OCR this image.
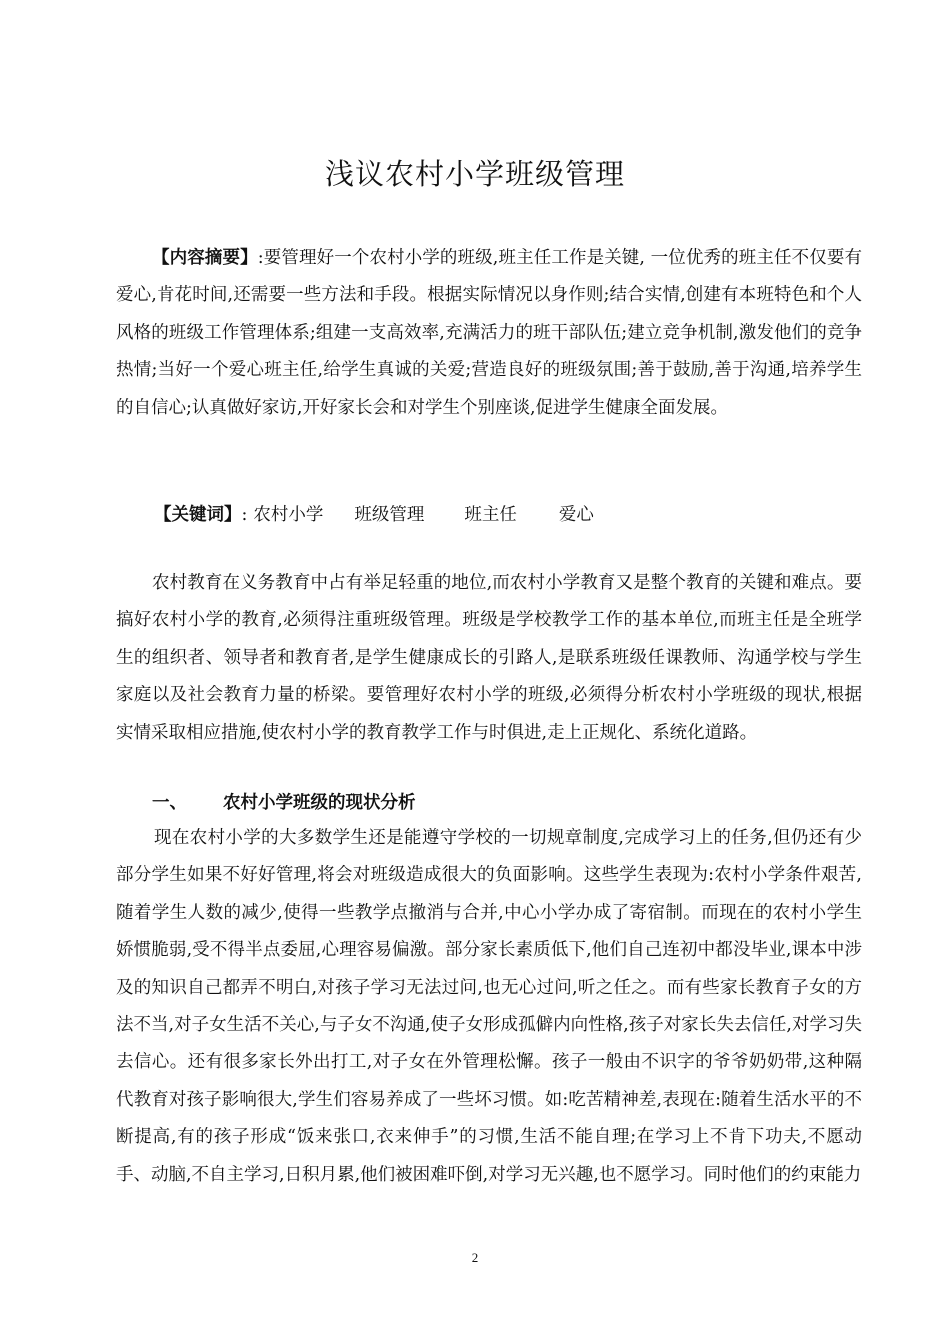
浅议农村小学班级管理

【内容摘要】:要管理好一个农村小学的班级,班主任工作是关键, 一位优秀的班主任不仅要有爱心,肯花时间,还需要一些方法和手段。根据实际情况以身作则;结合实情,创建有本班特色和个人风格的班级工作管理体系;组建一支高效率,充满活力的班干部队伍;建立竞争机制,激发他们的竞争热情;当好一个爱心班主任,给学生真诚的关爱;营造良好的班级氛围;善于鼓励,善于沟通,培养学生的自信心;认真做好家访,开好家长会和对学生个别座谈,促进学生健康全面发展。

【关键词】: 农村小学 班级管理 班主任 爱心

农村教育在义务教育中占有举足轻重的地位,而农村小学教育又是整个教育的关键和难点。要搞好农村小学的教育,必须得注重班级管理。班级是学校教学工作的基本单位,而班主任是全班学生的组织者、领导者和教育者,是学生健康成长的引路人,是联系班级任课教师、沟通学校与学生家庭以及社会教育力量的桥梁。要管理好农村小学的班级,必须得分析农村小学班级的现状,根据实情采取相应措施,使农村小学的教育教学工作与时俱进,走上正规化、系统化道路。

一、 农村小学班级的现状分析

现在农村小学的大多数学生还是能遵守学校的一切规章制度,完成学习上的任务,但仍还有少部分学生如果不好好管理,将会对班级造成很大的负面影响。这些学生表现为:农村小学条件艰苦,随着学生人数的减少,使得一些教学点撤消与合并,中心小学办成了寄宿制。而现在的农村小学生娇惯脆弱,受不得半点委屈,心理容易偏激。部分家长素质低下,他们自己连初中都没毕业,课本中涉及的知识自己都弄不明白,对孩子学习无法过问,也无心过问,听之任之。而有些家长教育子女的方法不当,对子女生活不关心,与子女不沟通,使子女形成孤僻内向性格,孩子对家长失去信任,对学习失去信心。还有很多家长外出打工,对子女在外管理松懈。孩子一般由不识字的爷爷奶奶带,这种隔代教育对孩子影响很大,学生们容易养成了一些坏习惯。如:吃苦精神差,表现在:随着生活水平的不断提高,有的孩子形成“饭来张口,衣来伸手”的习惯,生活不能自理;在学习上不肯下功夫,不愿动手、动脑,不自主学习,日积月累,他们被困难吓倒,对学习无兴趣,也不愿学习。同时他们的约束能力

2
